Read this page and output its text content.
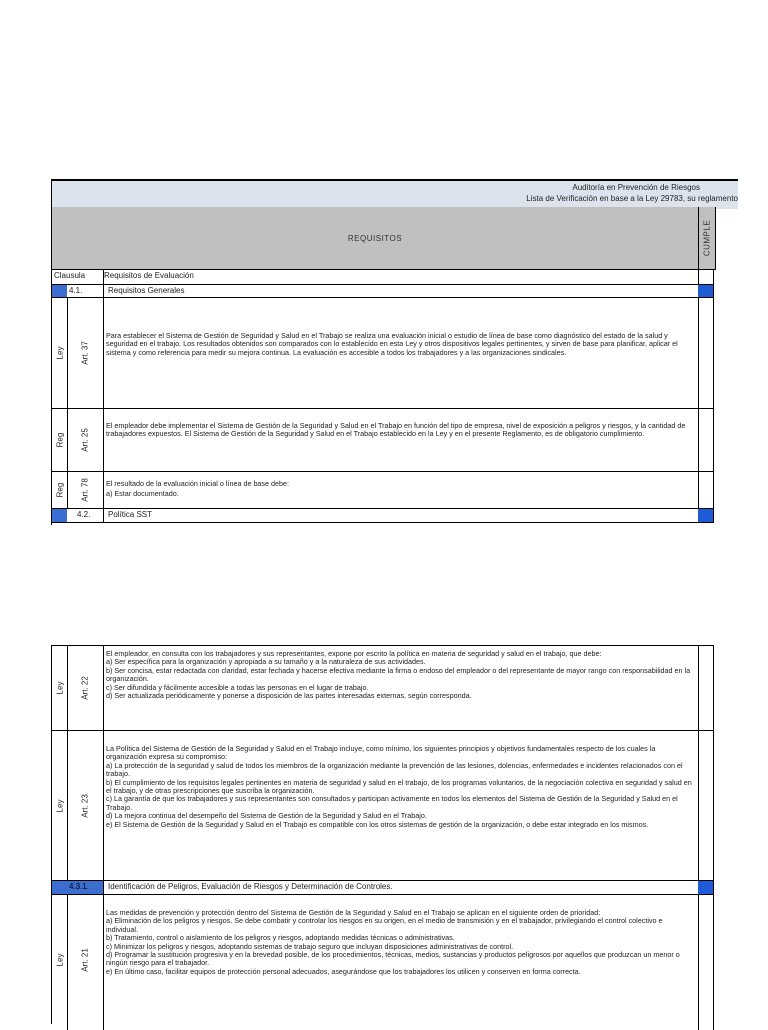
Auditoría en Prevención de Riesgos
Lista de Verificación en base a la Ley 29783, su reglamento
REQUISITOS	CUMPLE
Clausula Requisitos de Evaluación
4.1.	Requisitos Generales
Ley Art. 37
Para establecer el Sistema de Gestión de Seguridad y Salud en el Trabajo se realiza una evaluación inicial o estudio de línea de base como diagnóstico del estado de la salud y seguridad en el trabajo. Los resultados obtenidos son comparados con lo establecido en esta Ley y otros dispositivos legales pertinentes, y sirven de base para planificar, aplicar el sistema y como referencia para medir su mejora continua. La evaluación es accesible a todos los trabajadores y a las organizaciones sindicales.
Reg Art. 25
El empleador debe implementar el Sistema de Gestión de la Seguridad y Salud en el Trabajo en función del tipo de empresa, nivel de exposición a peligros y riesgos, y la cantidad de trabajadores expuestos. El Sistema de Gestión de la Seguridad y Salud en el Trabajo establecido en la Ley y en el presente Reglamento, es de obligatorio cumplimiento.
Reg Art. 78 El resultado de la evaluación inicial o línea de base debe:
a) Estar documentado.
4.2. Política SST
Ley Art. 22
El empleador, en consulta con los trabajadores y sus representantes, expone por escrito la política en materia de seguridad y salud en el trabajo, que debe:
a) Ser específica para la organización y apropiada a su tamaño y a la naturaleza de sus actividades.
b) Ser concisa, estar redactada con claridad, estar fechada y hacerse efectiva mediante la firma o endoso del empleador o del representante de mayor rango con responsabilidad en la organización.
c) Ser difundida y fácilmente accesible a todas las personas en el lugar de trabajo.
d) Ser actualizada periódicamente y ponerse a disposición de las partes interesadas externas, según corresponda.
Ley Art. 23
La Política del Sistema de Gestión de la Seguridad y Salud en el Trabajo incluye, como mínimo, los siguientes principios y objetivos fundamentales respecto de los cuales la organización expresa su compromiso:
a) La protección de la seguridad y salud de todos los miembros de la organización mediante la prevención de las lesiones, dolencias, enfermedades e incidentes relacionados con el trabajo.
b) El cumplimiento de los requisitos legales pertinentes en materia de seguridad y salud en el trabajo, de los programas voluntarios, de la negociación colectiva en seguridad y salud en el trabajo, y de otras prescripciones que suscriba la organización.
c) La garantía de que los trabajadores y sus representantes son consultados y participan activamente en todos los elementos del Sistema de Gestión de la Seguridad y Salud en el Trabajo.
d) La mejora continua del desempeño del Sistema de Gestión de la Seguridad y Salud en el Trabajo.
e) El Sistema de Gestión de la Seguridad y Salud en el Trabajo es compatible con los otros sistemas de gestión de la organización, o debe estar integrado en los mismos.
4.3.1. Identificación de Peligros, Evaluación de Riesgos y Determinación de Controles.
Ley Art. 21
Las medidas de prevención y protección dentro del Sistema de Gestión de la Seguridad y Salud en el Trabajo se aplican en el siguiente orden de prioridad:
a) Eliminación de los peligros y riesgos. Se debe combatir y controlar los riesgos en su origen, en el medio de transmisión y en el trabajador, privilegiando el control colectivo e individual.
b) Tratamiento, control o aislamiento de los peligros y riesgos, adoptando medidas técnicas o administrativas.
c) Minimizar los peligros y riesgos, adoptando sistemas de trabajo seguro que incluyan disposiciones administrativas de control.
d) Programar la sustitución progresiva y en la brevedad posible, de los procedimientos, técnicas, medios, sustancias y productos peligrosos por aquellos que produzcan un menor o ningún riesgo para el trabajador.
e) En último caso, facilitar equipos de protección personal adecuados, asegurándose que los trabajadores los utilicen y conserven en forma correcta.
